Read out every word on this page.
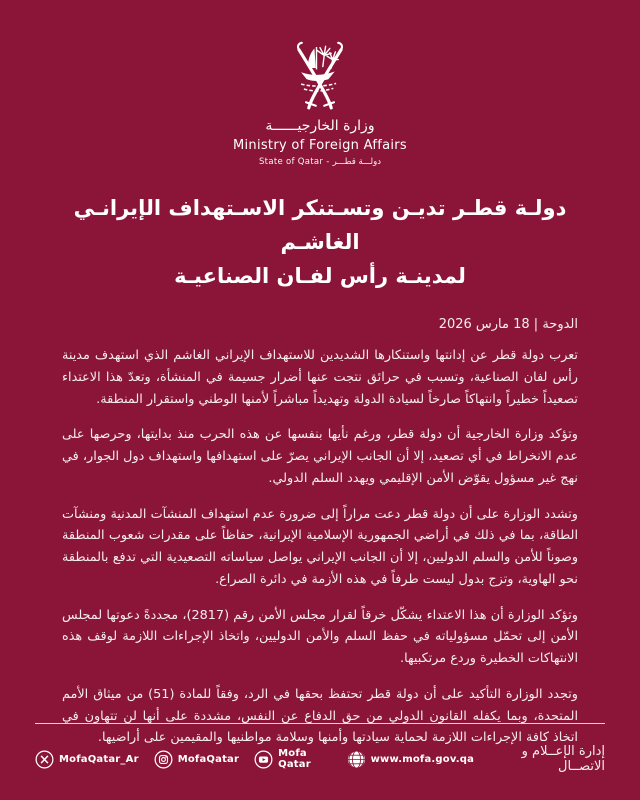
وزارة الخارجيــــــة
Ministry of Foreign Affairs
State of Qatar - دولـــة قطـــر
دولـة قطـر تديـن وتسـتنكر الاسـتهداف الإيرانـي الغاشـم
لمدينـة رأس لفـان الصناعيـة
الدوحة | 18 مارس 2026

تعرب دولة قطر عن إدانتها واستنكارها الشديدين للاستهداف الإيراني الغاشم الذي استهدف مدينة رأس لفان الصناعية، وتسبب في حرائق نتجت عنها أضرار جسيمة في المنشأة، وتعدّ هذا الاعتداء تصعيداً خطيراً وانتهاكاً صارخاً لسيادة الدولة وتهديداً مباشراً لأمنها الوطني واستقرار المنطقة.

وتؤكد وزارة الخارجية أن دولة قطر، ورغم نأيها بنفسها عن هذه الحرب منذ بدايتها، وحرصها على عدم الانخراط في أي تصعيد، إلا أن الجانب الإيراني يصرّ على استهدافها واستهداف دول الجوار، في نهج غير مسؤول يقوّض الأمن الإقليمي ويهدد السلم الدولي.

وتشدد الوزارة على أن دولة قطر دعت مراراً إلى ضرورة عدم استهداف المنشآت المدنية ومنشآت الطاقة، بما في ذلك في أراضي الجمهورية الإسلامية الإيرانية، حفاظاً على مقدرات شعوب المنطقة وصوناً للأمن والسلم الدوليين، إلا أن الجانب الإيراني يواصل سياساته التصعيدية التي تدفع بالمنطقة نحو الهاوية، وتزج بدول ليست طرفاً في هذه الأزمة في دائرة الصراع.

وتؤكد الوزارة أن هذا الاعتداء يشكّل خرقاً لقرار مجلس الأمن رقم (2817)، مجددةً دعوتها لمجلس الأمن إلى تحمّل مسؤولياته في حفظ السلم والأمن الدوليين، واتخاذ الإجراءات اللازمة لوقف هذه الانتهاكات الخطيرة وردع مرتكبيها.

وتجدد الوزارة التأكيد على أن دولة قطر تحتفظ بحقها في الرد، وفقاً للمادة (51) من ميثاق الأمم المتحدة، وبما يكفله القانون الدولي من حق الدفاع عن النفس، مشددة على أنها لن تتهاون في اتخاذ كافة الإجراءات اللازمة لحماية سيادتها وأمنها وسلامة مواطنيها والمقيمين على أراضيها.

MofaQatar_Ar	MofaQatar	Mofa Qatar	www.mofa.gov.qa	إدارة الإعــلام و الاتصــال
